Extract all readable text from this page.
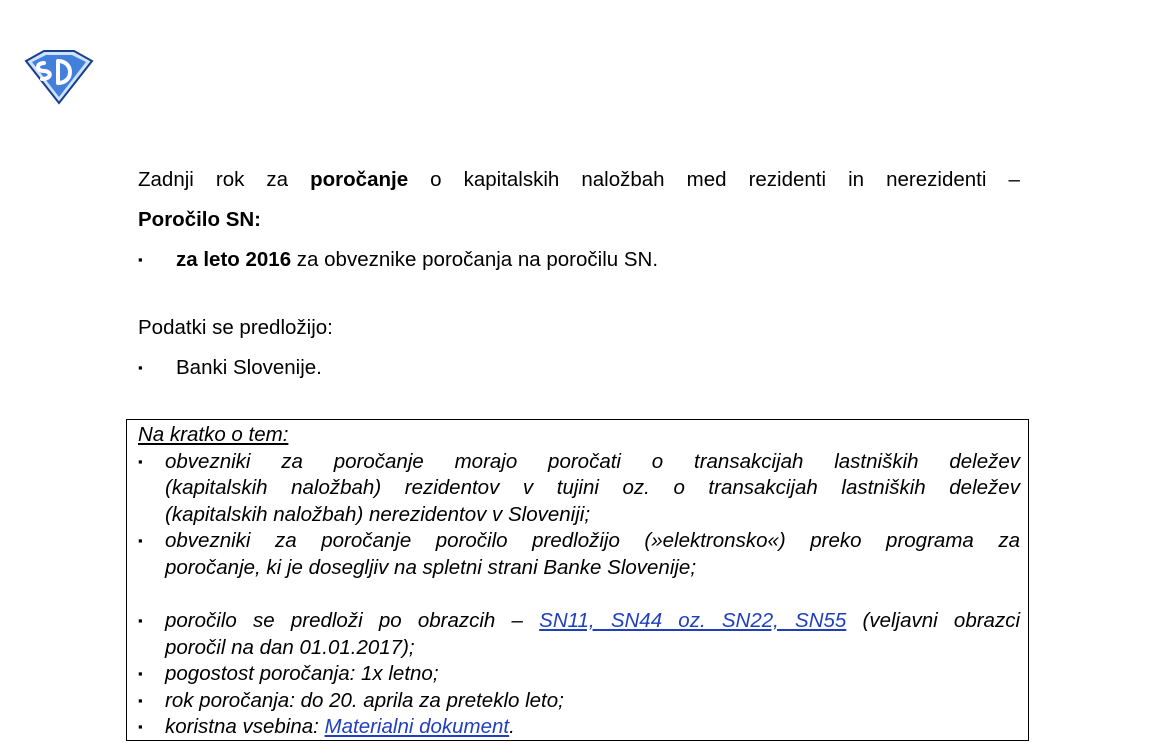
Zadnji rok za poročanje o kapitalskih naložbah med rezidenti in nerezidenti –
Poročilo SN:
▪	za leto 2016 za obveznike poročanja na poročilu SN.
Podatki se predložijo:
▪	Banki Slovenije.
Na kratko o tem:
▪	obvezniki za poročanje morajo poročati o transakcijah lastniških deležev
(kapitalskih naložbah) rezidentov v tujini oz. o transakcijah lastniških deležev
(kapitalskih naložbah) nerezidentov v Sloveniji;
▪	obvezniki za poročanje poročilo predložijo (»elektronsko«) preko programa za
poročanje, ki je dosegljiv na spletni strani Banke Slovenije;
▪	poročilo se predloži po obrazcih – SN11, SN44 oz. SN22, SN55 (veljavni obrazci
poročil na dan 01.01.2017);
▪	pogostost poročanja: 1x letno;
▪	rok poročanja: do 20. aprila za preteklo leto;
▪	koristna vsebina: Materialni dokument.
